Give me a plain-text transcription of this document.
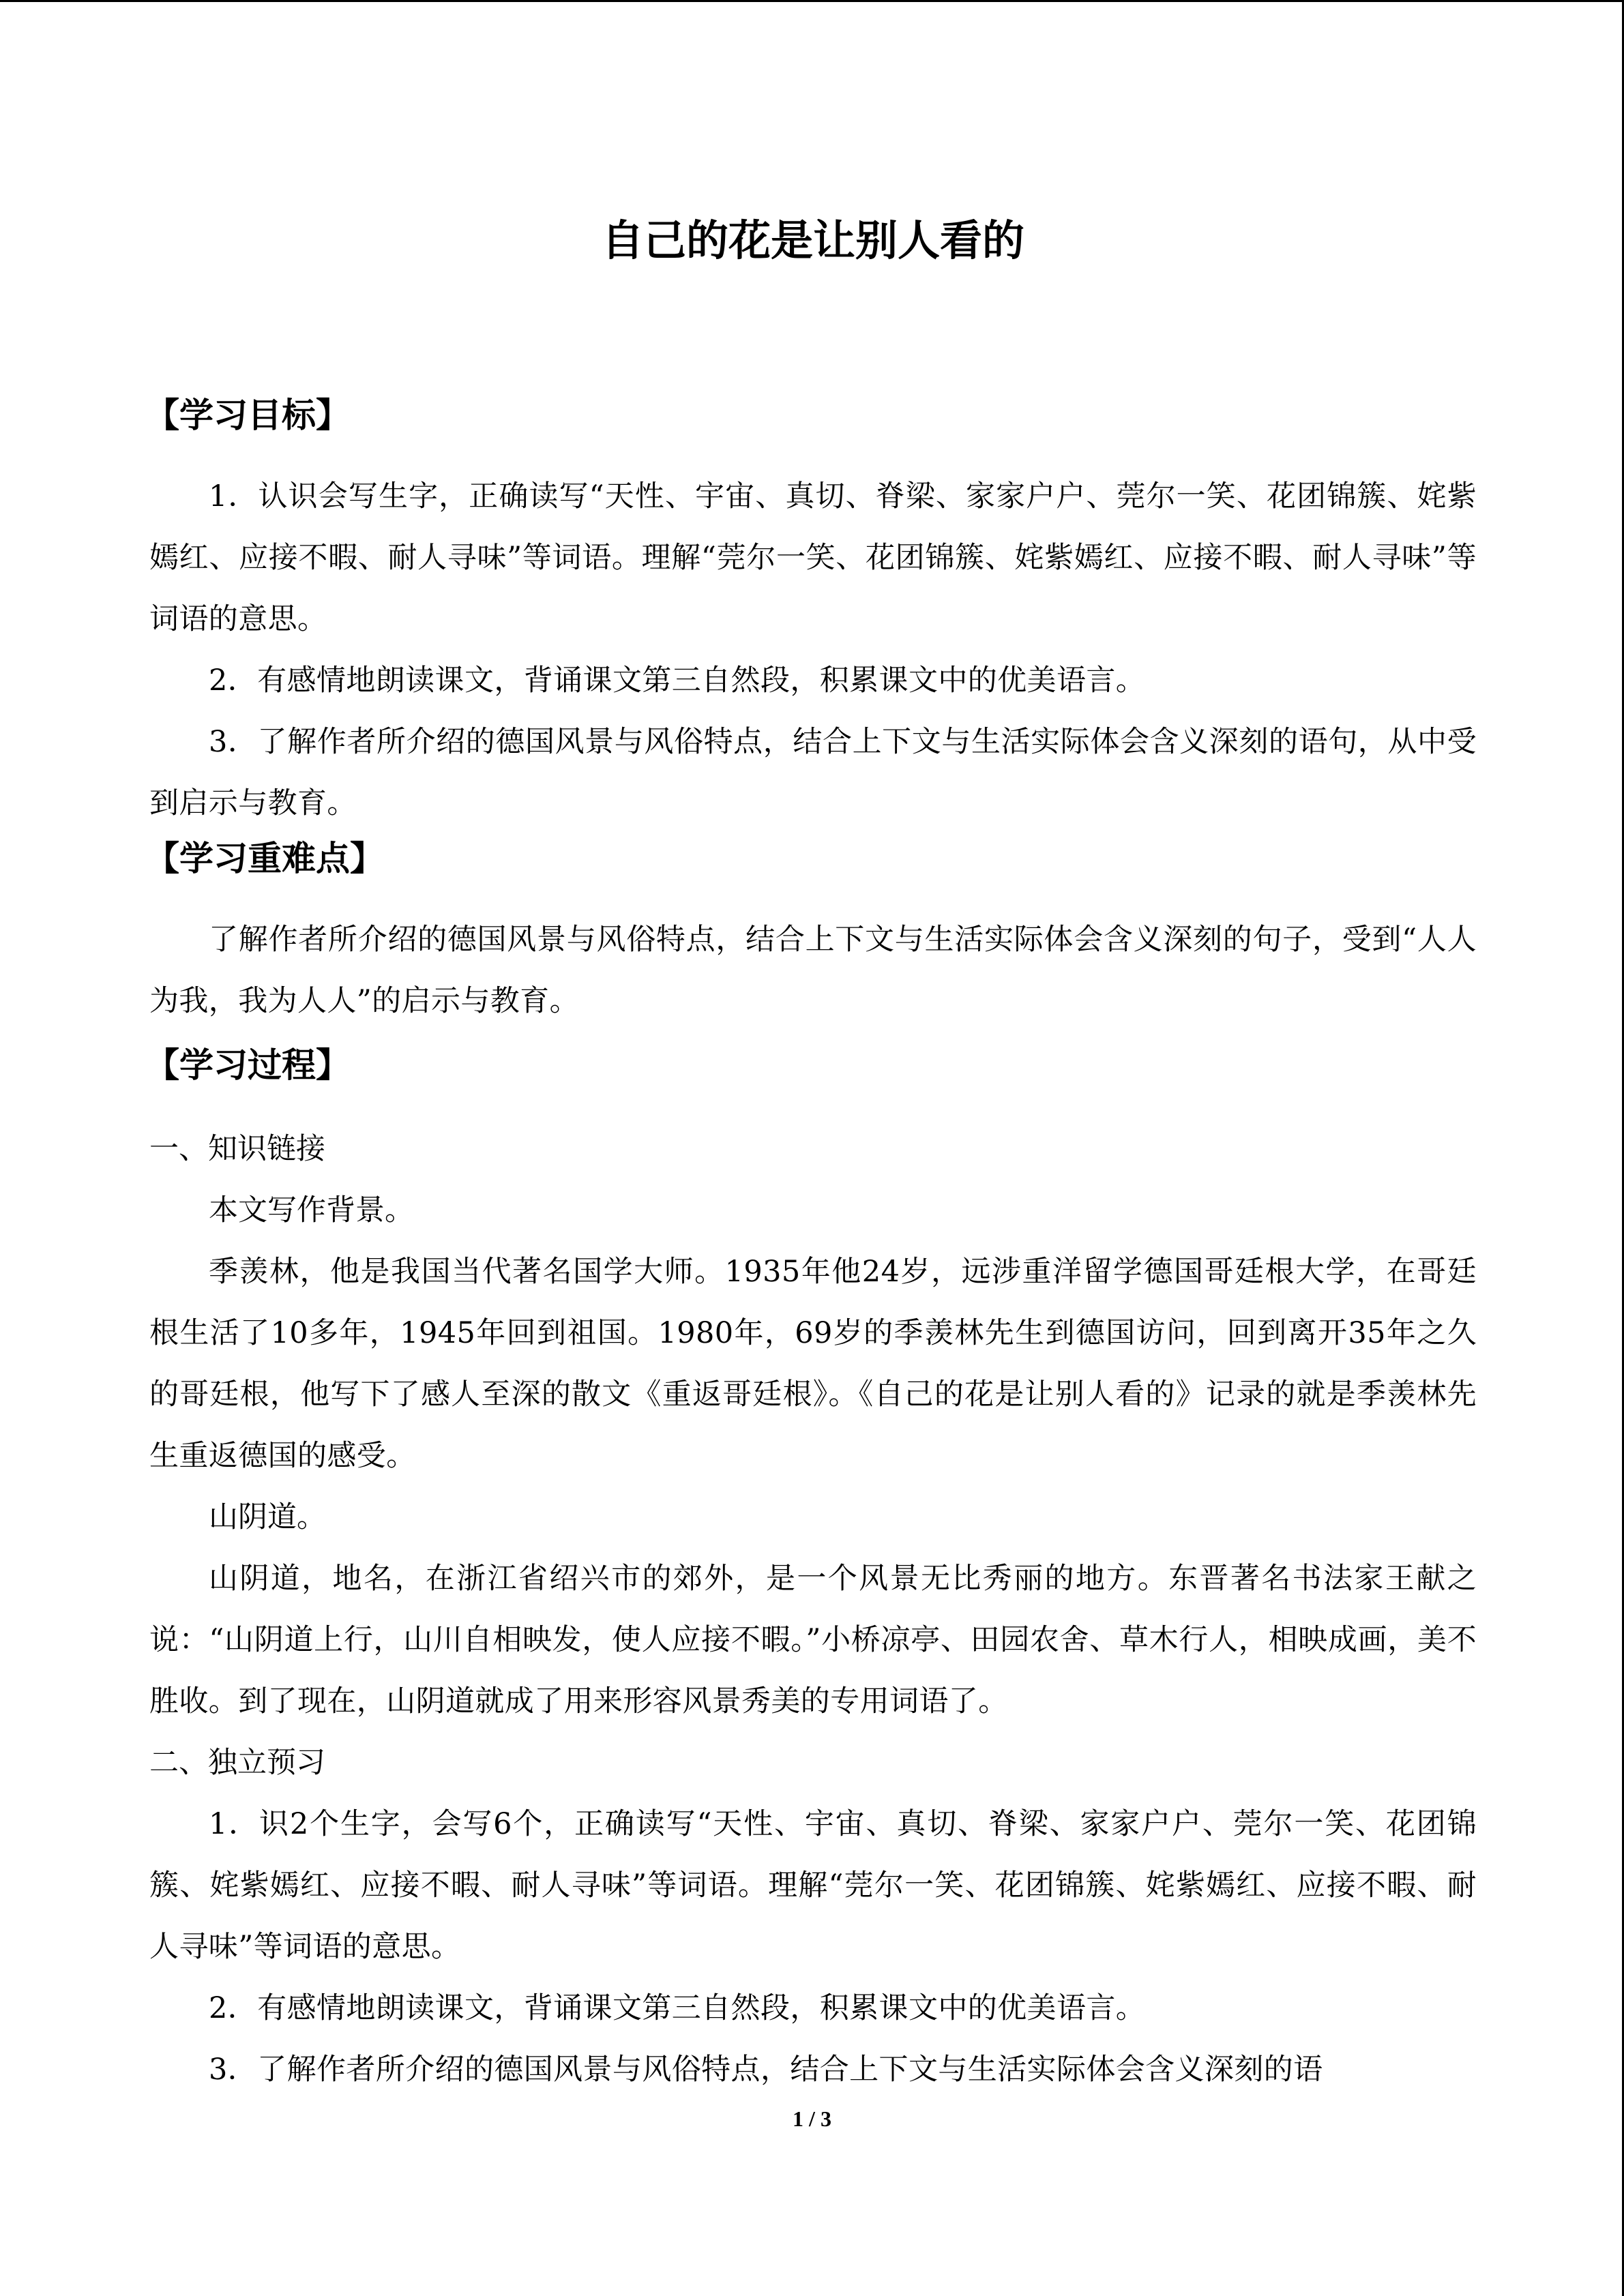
自己的花是让别人看的
【学习目标】
1．认识会写生字，正确读写“天性、宇宙、真切、脊梁、家家户户、莞尔一笑、花团锦簇、姹紫嫣红、应接不暇、耐人寻味”等词语。理解“莞尔一笑、花团锦簇、姹紫嫣红、应接不暇、耐人寻味”等词语的意思。
2．有感情地朗读课文，背诵课文第三自然段，积累课文中的优美语言。
3．了解作者所介绍的德国风景与风俗特点，结合上下文与生活实际体会含义深刻的语句，从中受到启示与教育。
【学习重难点】
了解作者所介绍的德国风景与风俗特点，结合上下文与生活实际体会含义深刻的句子，受到“人人为我，我为人人”的启示与教育。
【学习过程】
一、知识链接
本文写作背景。
季羡林，他是我国当代著名国学大师。1935年他24岁，远涉重洋留学德国哥廷根大学，在哥廷根生活了10多年，1945年回到祖国。1980年，69岁的季羡林先生到德国访问，回到离开35年之久的哥廷根，他写下了感人至深的散文《重返哥廷根》。《自己的花是让别人看的》记录的就是季羡林先生重返德国的感受。
山阴道。
山阴道，地名，在浙江省绍兴市的郊外，是一个风景无比秀丽的地方。东晋著名书法家王献之说：“山阴道上行，山川自相映发，使人应接不暇。”小桥凉亭、田园农舍、草木行人，相映成画，美不胜收。到了现在，山阴道就成了用来形容风景秀美的专用词语了。
二、独立预习
1．识2个生字，会写6个，正确读写“天性、宇宙、真切、脊梁、家家户户、莞尔一笑、花团锦簇、姹紫嫣红、应接不暇、耐人寻味”等词语。理解“莞尔一笑、花团锦簇、姹紫嫣红、应接不暇、耐人寻味”等词语的意思。
2．有感情地朗读课文，背诵课文第三自然段，积累课文中的优美语言。
3．了解作者所介绍的德国风景与风俗特点，结合上下文与生活实际体会含义深刻的语
1 / 3
